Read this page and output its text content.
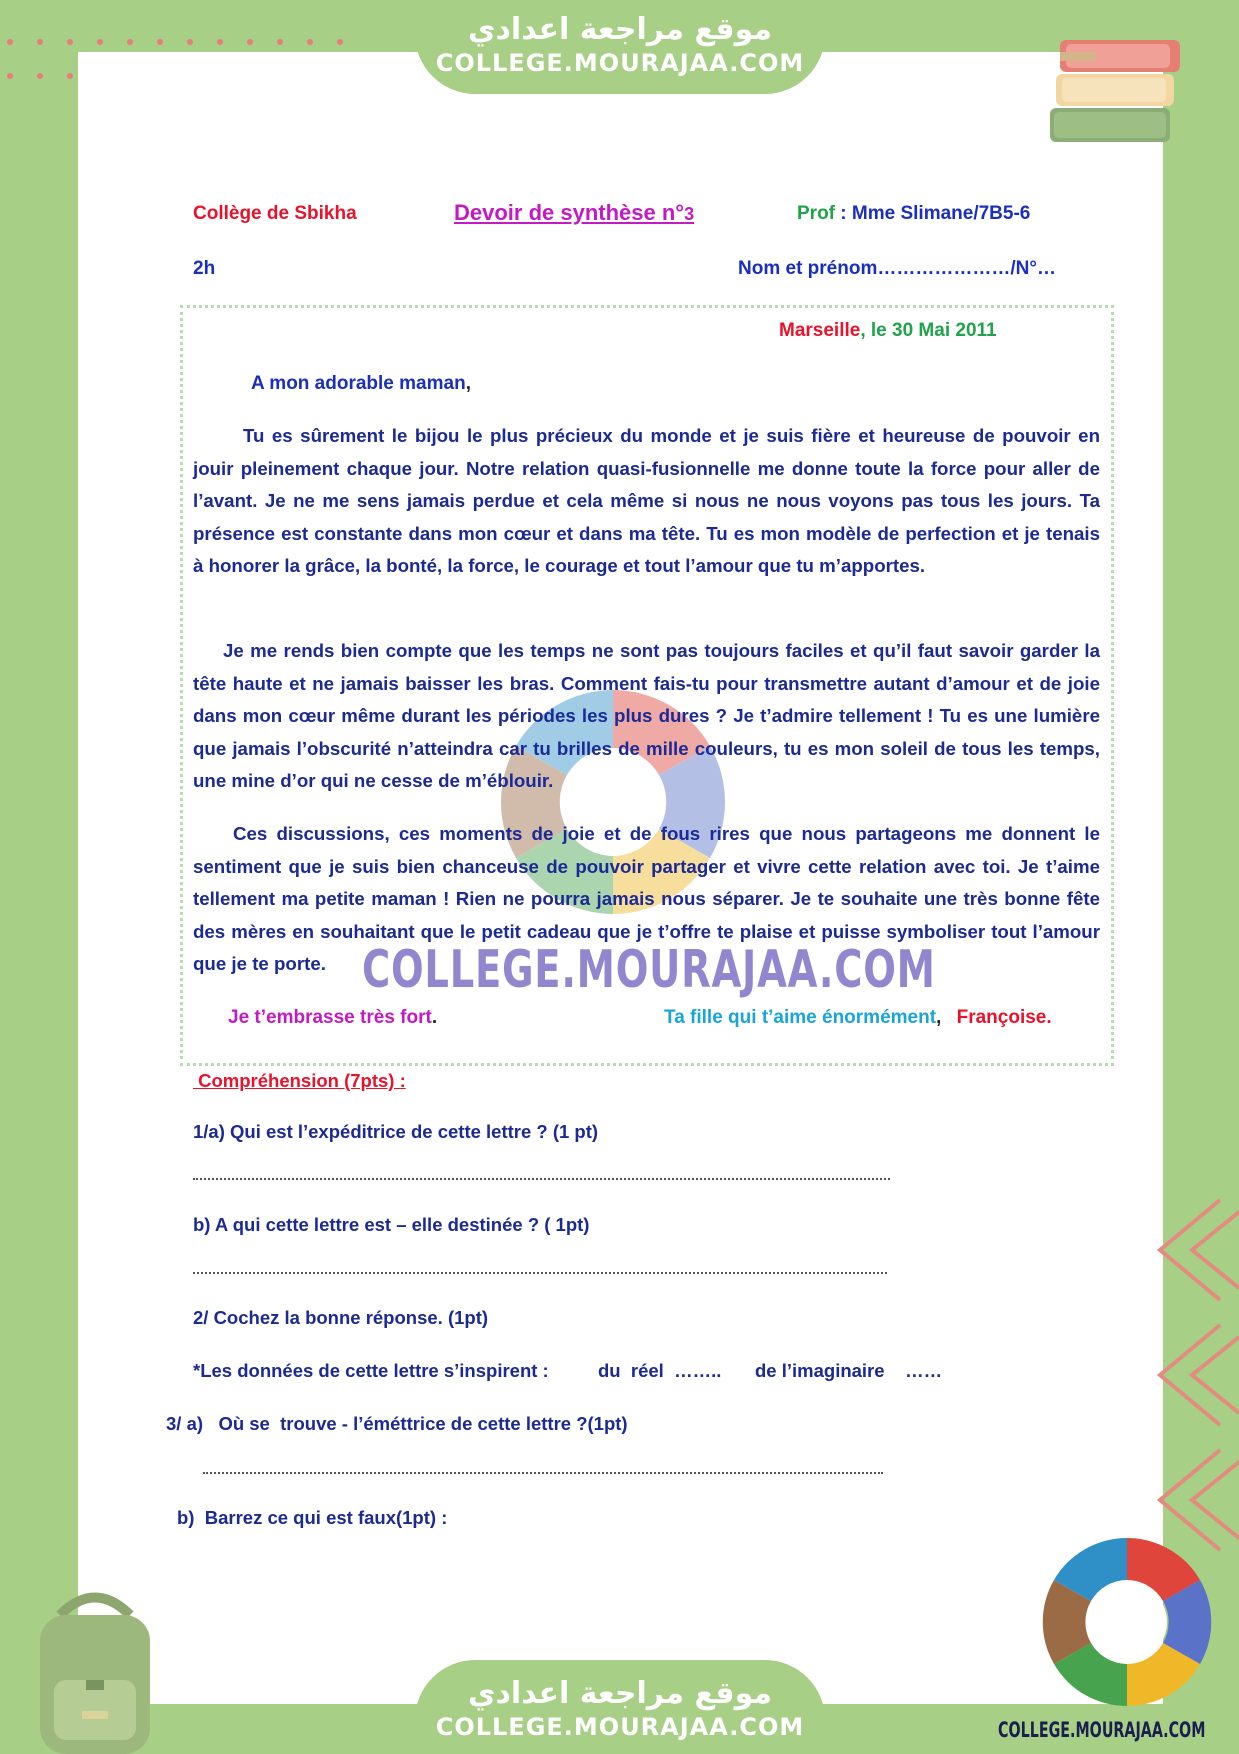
موقع مراجعة اعدادي
COLLEGE.MOURAJAA.COM
Collège de Sbikha	Devoir de synthèse n°3	Prof : Mme Slimane/7B5-6
2h	Nom et prénom…………………/N°…
Marseille, le 30 Mai 2011
A mon adorable maman,
Tu es sûrement le bijou le plus précieux du monde et je suis fière et heureuse de pouvoir en jouir pleinement chaque jour. Notre relation quasi-fusionnelle me donne toute la force pour aller de l’avant. Je ne me sens jamais perdue et cela même si nous ne nous voyons pas tous les jours. Ta présence est constante dans mon cœur et dans ma tête. Tu es mon modèle de perfection et je tenais à honorer la grâce, la bonté, la force, le courage et tout l’amour que tu m’apportes.
Je me rends bien compte que les temps ne sont pas toujours faciles et qu’il faut savoir garder la tête haute et ne jamais baisser les bras. Comment fais-tu pour transmettre autant d’amour et de joie dans mon cœur même durant les périodes les plus dures ? Je t’admire tellement ! Tu es une lumière que jamais l’obscurité n’atteindra car tu brilles de mille couleurs, tu es mon soleil de tous les temps, une mine d’or qui ne cesse de m’éblouir.
Ces discussions, ces moments de joie et de fous rires que nous partageons me donnent le sentiment que je suis bien chanceuse de pouvoir partager et vivre cette relation avec toi. Je t’aime tellement ma petite maman ! Rien ne pourra jamais nous séparer. Je te souhaite une très bonne fête des mères en souhaitant que le petit cadeau que je t’offre te plaise et puisse symboliser tout l’amour que je te porte. COLLEGE.MOURAJAA.COM
Je t’embrasse très fort.	Ta fille qui t’aime énormément, Françoise.
Compréhension (7pts) :
1/a) Qui est l’expéditrice de cette lettre ? (1 pt)
b) A qui cette lettre est – elle destinée ? ( 1pt)
2/ Cochez la bonne réponse. (1pt)
*Les données de cette lettre s’inspirent :	du  réel  …….. de l’imaginaire    ……
3/ a)   Où se  trouve - l’éméttrice de cette lettre ?(1pt)
b)  Barrez ce qui est faux(1pt) :
COLLEGE.MOURAJAA.COM
موقع مراجعة اعدادي
COLLEGE.MOURAJAA.COM
